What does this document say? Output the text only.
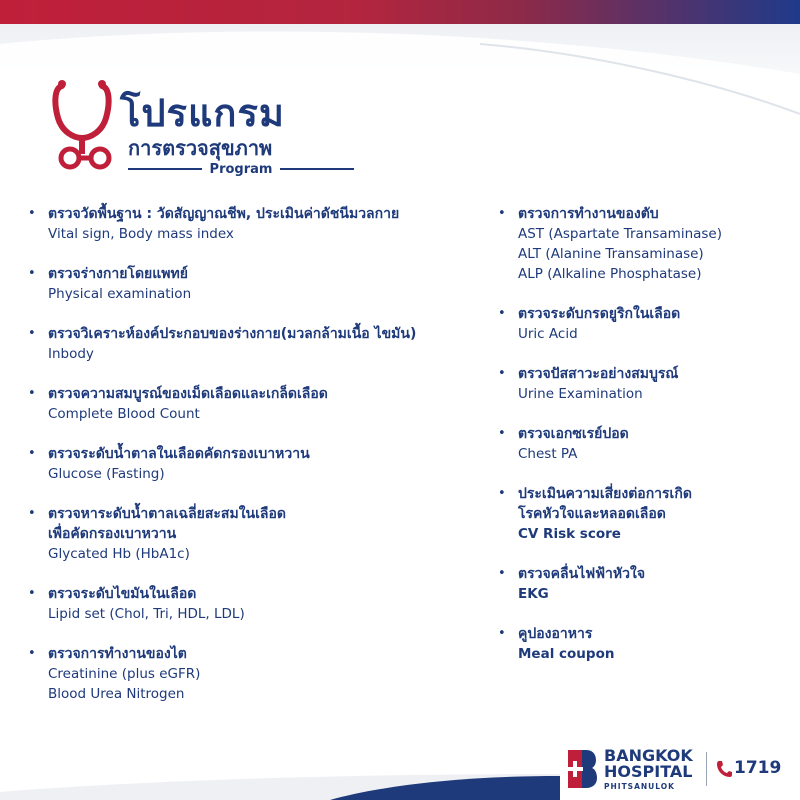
โปรแกรม
การตรวจสุขภาพ
Program
• ตรวจวัดพื้นฐาน : วัดสัญญาณชีพ, ประเมินค่าดัชนีมวลกาย
Vital sign, Body mass index
• ตรวจร่างกายโดยแพทย์
Physical examination
• ตรวจวิเคราะห์องค์ประกอบของร่างกาย(มวลกล้ามเนื้อ ไขมัน)
Inbody
• ตรวจความสมบูรณ์ของเม็ดเลือดและเกล็ดเลือด
Complete Blood Count
• ตรวจระดับน้ำตาลในเลือดคัดกรองเบาหวาน
Glucose (Fasting)
• ตรวจหาระดับน้ำตาลเฉลี่ยสะสมในเลือด
เพื่อคัดกรองเบาหวาน
Glycated Hb (HbA1c)
• ตรวจระดับไขมันในเลือด
Lipid set (Chol, Tri, HDL, LDL)
• ตรวจการทำงานของไต
Creatinine (plus eGFR)
Blood Urea Nitrogen
• ตรวจการทำงานของตับ
AST (Aspartate Transaminase)
ALT (Alanine Transaminase)
ALP (Alkaline Phosphatase)
• ตรวจระดับกรดยูริกในเลือด
Uric Acid
• ตรวจปัสสาวะอย่างสมบูรณ์
Urine Examination
• ตรวจเอกซเรย์ปอด
Chest PA
• ประเมินความเสี่ยงต่อการเกิด
โรคหัวใจและหลอดเลือด
CV Risk score
• ตรวจคลื่นไฟฟ้าหัวใจ
EKG
• คูปองอาหาร
Meal coupon
BANGKOK
HOSPITAL
PHITSANULOK
1719
